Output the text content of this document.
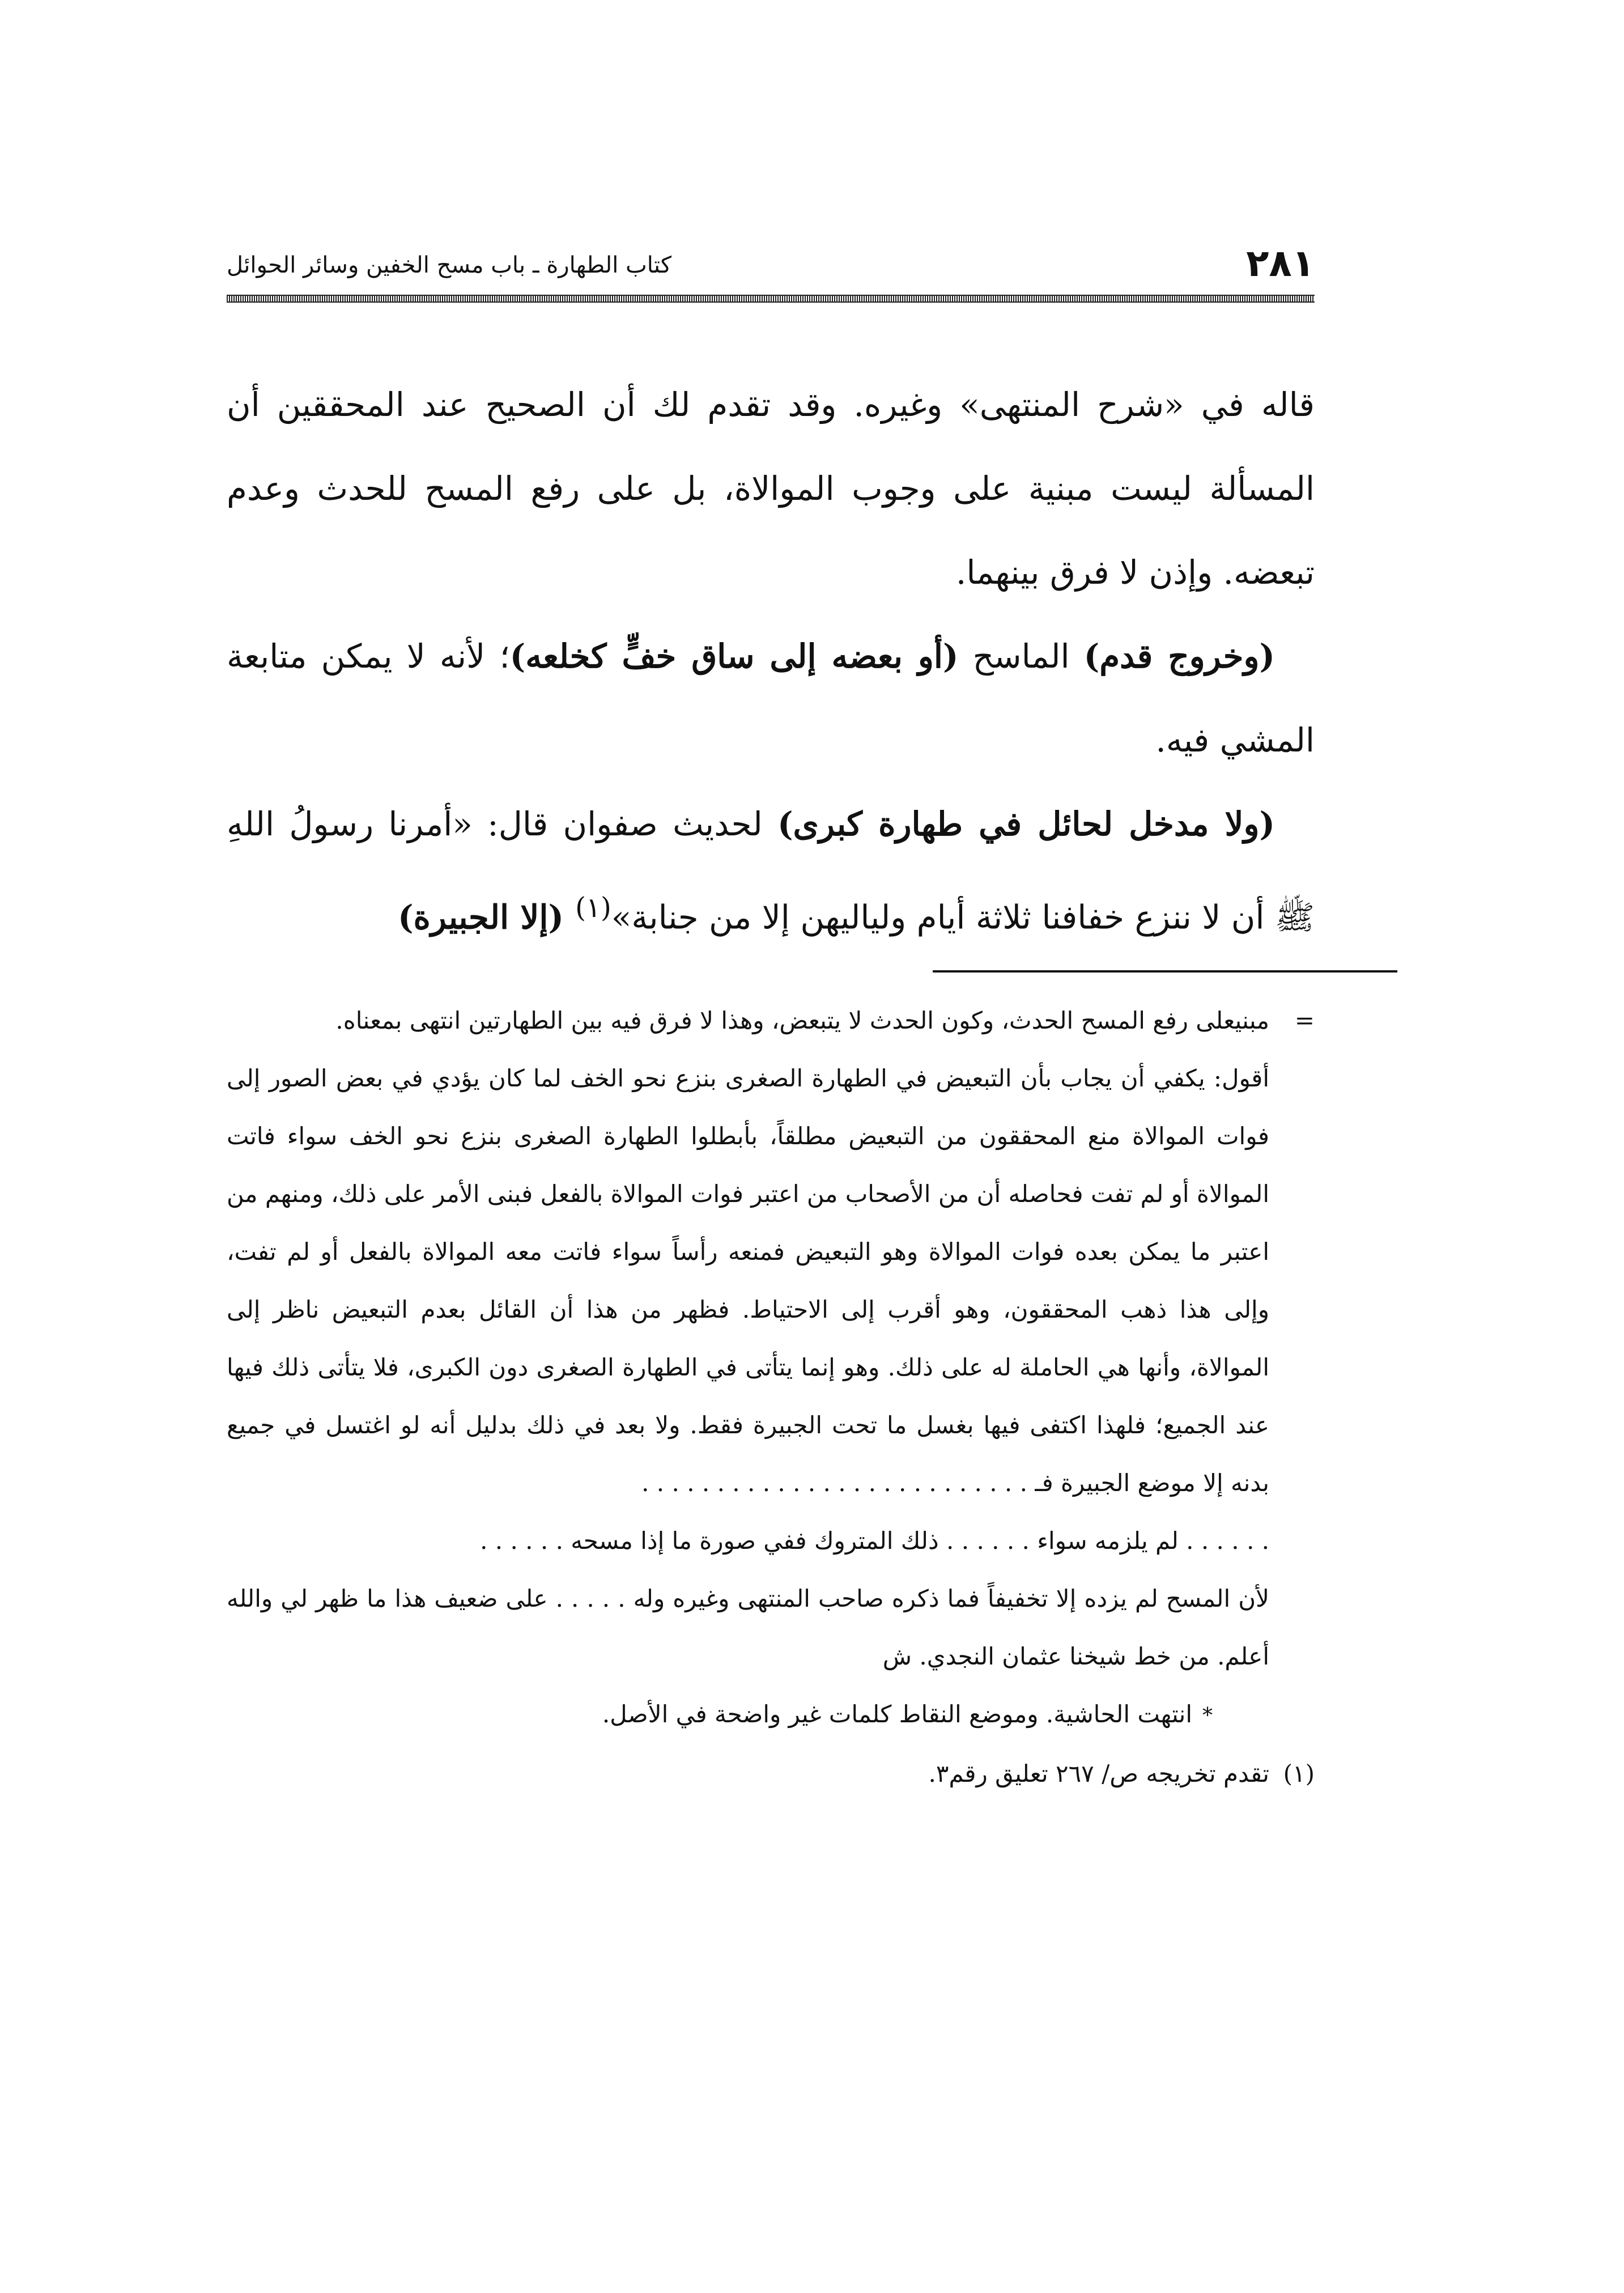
٢٨١
كتاب الطهارة ـ باب مسح الخفين وسائر الحوائل

قاله في «شرح المنتهى» وغيره. وقد تقدم لك أن الصحيح عند المحققين أن المسألة ليست مبنية على وجوب الموالاة، بل على رفع المسح للحدث وعدم تبعضه. وإذن لا فرق بينهما.

(وخروج قدم) الماسح (أو بعضه إلى ساق خفٍّ كخلعه)؛ لأنه لا يمكن متابعة المشي فيه.

(ولا مدخل لحائل في طهارة كبرى) لحديث صفوان قال: «أمرنا رسولُ اللهِ ﷺ أن لا ننزع خفافنا ثلاثة أيام ولياليهن إلا من جنابة»$^{(١)}$ (إلا الجبيرة)

=
مبنيعلى رفع المسح الحدث، وكون الحدث لا يتبعض، وهذا لا فرق فيه بين الطهارتين انتهى بمعناه.
أقول: يكفي أن يجاب بأن التبعيض في الطهارة الصغرى بنزع نحو الخف لما كان يؤدي في بعض الصور إلى فوات الموالاة منع المحققون من التبعيض مطلقاً، بأبطلوا الطهارة الصغرى بنزع نحو الخف سواء فاتت الموالاة أو لم تفت فحاصله أن من الأصحاب من اعتبر فوات الموالاة بالفعل فبنى الأمر على ذلك، ومنهم من اعتبر ما يمكن بعده فوات الموالاة وهو التبعيض فمنعه رأساً سواء فاتت معه الموالاة بالفعل أو لم تفت، وإلى هذا ذهب المحققون، وهو أقرب إلى الاحتياط. فظهر من هذا أن القائل بعدم التبعيض ناظر إلى الموالاة، وأنها هي الحاملة له على ذلك. وهو إنما يتأتى في الطهارة الصغرى دون الكبرى، فلا يتأتى ذلك فيها عند الجميع؛ فلهذا اكتفى فيها بغسل ما تحت الجبيرة فقط. ولا بعد في ذلك بدليل أنه لو اغتسل في جميع بدنه إلا موضع الجبيرة فـ . . . . . . . . . . . . . . . . . . . . . . . . . .

. . . . . . لم يلزمه سواء . . . . . . ذلك المتروك ففي صورة ما إذا مسحه . . . . . .

لأن المسح لم يزده إلا تخفيفاً فما ذكره صاحب المنتهى وغيره وله . . . . . على ضعيف هذا ما ظهر لي والله أعلم. من خط شيخنا عثمان النجدي. ش

*انتهت الحاشية. وموضع النقاط كلمات غير واضحة في الأصل.

(١)
تقدم تخريجه ص/ ٢٦٧ تعليق رقم٣.
